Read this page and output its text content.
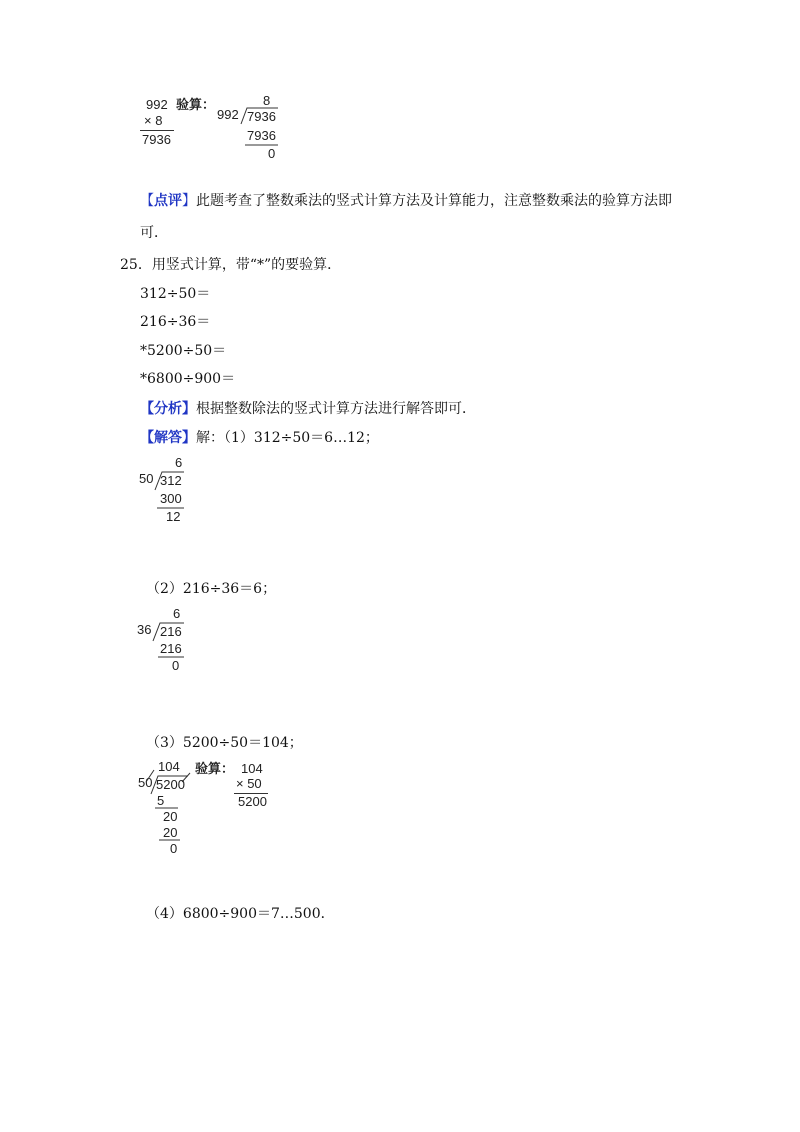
992
× 8
7936
验算：
992
8
7936
7936
0
【点评】此题考查了整数乘法的竖式计算方法及计算能力，注意整数乘法的验算方法即
可．
25．用竖式计算，带“*”的要验算．
312÷50＝
216÷36＝
*5200÷50＝
*6800÷900＝
【分析】根据整数除法的竖式计算方法进行解答即可．
【解答】解：（1）312÷50＝6…12；
6
50 312
300
12
（2）216÷36＝6；
6
36 216
216
0
（3）5200÷50＝104；
104
50 5200
5
20
20
0
验算： 104
× 50
5200
（4）6800÷900＝7…500．
